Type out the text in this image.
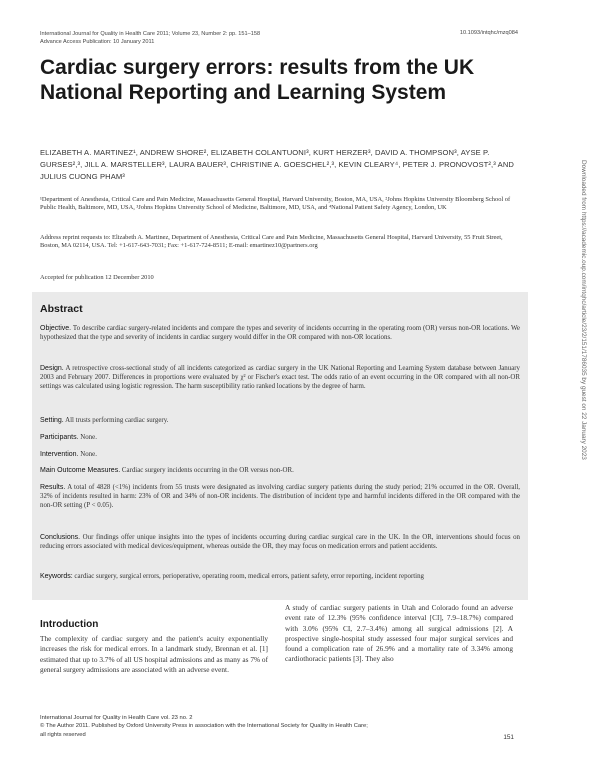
International Journal for Quality in Health Care 2011; Volume 23, Number 2: pp. 151–158
Advance Access Publication: 10 January 2011
10.1093/intqhc/mzq084
Cardiac surgery errors: results from the UK National Reporting and Learning System
ELIZABETH A. MARTINEZ¹, ANDREW SHORE², ELIZABETH COLANTUONI³, KURT HERZER³, DAVID A. THOMPSON³, AYSE P. GURSES²,³, JILL A. MARSTELLER³, LAURA BAUER³, CHRISTINE A. GOESCHEL²,³, KEVIN CLEARY⁴, PETER J. PRONOVOST²,³ AND JULIUS CUONG PHAM³
¹Department of Anesthesia, Critical Care and Pain Medicine, Massachusetts General Hospital, Harvard University, Boston, MA, USA, ²Johns Hopkins University Bloomberg School of Public Health, Baltimore, MD, USA, ³Johns Hopkins University School of Medicine, Baltimore, MD, USA, and ⁴National Patient Safety Agency, London, UK
Address reprint requests to: Elizabeth A. Martinez, Department of Anesthesia, Critical Care and Pain Medicine, Massachusetts General Hospital, Harvard University, 55 Fruit Street, Boston, MA 02114, USA. Tel: +1-617-643-7031; Fax: +1-617-724-8511; E-mail: emartinez10@partners.org
Accepted for publication 12 December 2010
Abstract

Objective. To describe cardiac surgery-related incidents and compare the types and severity of incidents occurring in the operating room (OR) versus non-OR locations. We hypothesized that the type and severity of incidents in cardiac surgery would differ in the OR compared with non-OR locations.

Design. A retrospective cross-sectional study of all incidents categorized as cardiac surgery in the UK National Reporting and Learning System database between January 2003 and February 2007. Differences in proportions were evaluated by χ² or Fischer's exact test. The odds ratio of an event occurring in the OR compared with all non-OR settings was calculated using logistic regression. The harm susceptibility ratio ranked locations by the degree of harm.

Setting. All trusts performing cardiac surgery.

Participants. None.

Intervention. None.

Main Outcome Measures. Cardiac surgery incidents occurring in the OR versus non-OR.

Results. A total of 4828 (<1%) incidents from 55 trusts were designated as involving cardiac surgery patients during the study period; 21% occurred in the OR. Overall, 32% of incidents resulted in harm: 23% of OR and 34% of non-OR incidents. The distribution of incident type and harmful incidents differed in the OR compared with the non-OR setting (P < 0.05).

Conclusions. Our findings offer unique insights into the types of incidents occurring during cardiac surgical care in the UK. In the OR, interventions should focus on reducing errors associated with medical devices/equipment, whereas outside the OR, they may focus on medication errors and patient accidents.

Keywords: cardiac surgery, surgical errors, perioperative, operating room, medical errors, patient safety, error reporting, incident reporting

Introduction

The complexity of cardiac surgery and the patient's acuity exponentially increases the risk for medical errors. In a landmark study, Brennan et al. [1] estimated that up to 3.7% of all US hospital admissions and as many as 7% of general surgery admissions are associated with an adverse event.

A study of cardiac surgery patients in Utah and Colorado found an adverse event rate of 12.3% (95% confidence interval [CI], 7.9–18.7%) compared with 3.0% (95% CI, 2.7–3.4%) among all surgical admissions [2]. A prospective single-hospital study assessed four major surgical services and found a complication rate of 26.9% and a mortality rate of 3.34% among cardiothoracic patients [3]. They also

International Journal for Quality in Health Care vol. 23 no. 2
© The Author 2011. Published by Oxford University Press in association with the International Society for Quality in Health Care;
all rights reserved	151
Downloaded from https://academic.oup.com/intqhc/article/23/2/151/1786035 by guest on 22 January 2023
